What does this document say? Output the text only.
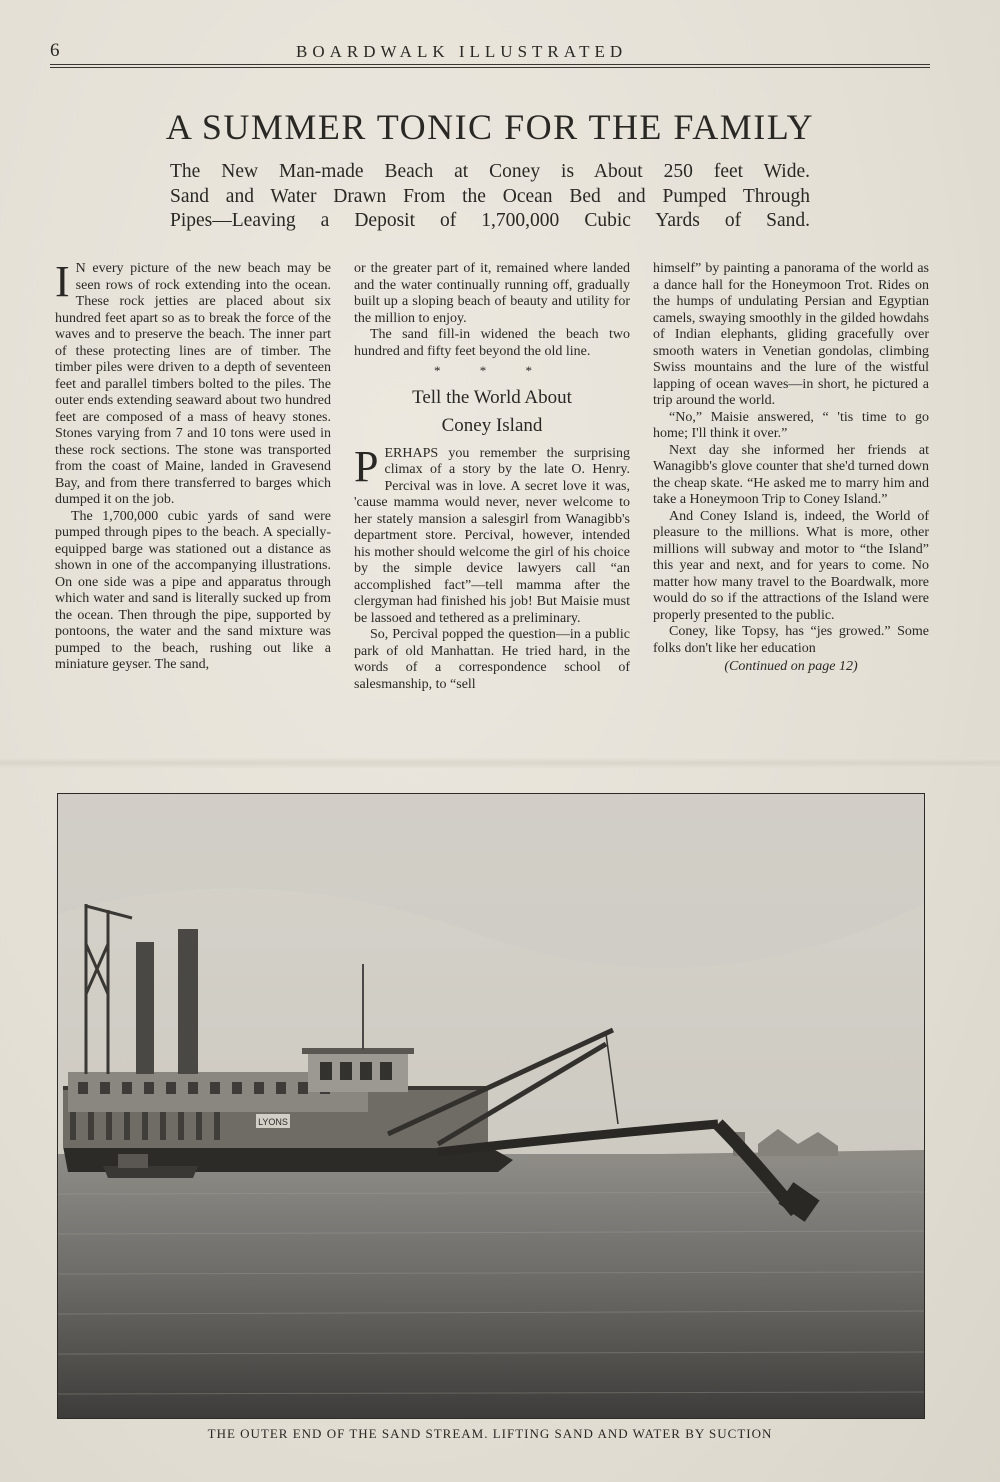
6	BOARDWALK ILLUSTRATED
A SUMMER TONIC FOR THE FAMILY
The New Man-made Beach at Coney is About 250 feet Wide.
Sand and Water Drawn From the Ocean Bed and Pumped Through
Pipes—Leaving a Deposit of 1,700,000 Cubic Yards of Sand.

I N every picture of the new beach may be seen rows of rock extending into the ocean. These rock jetties are placed about six hundred feet apart so as to break the force of the waves and to preserve the beach. The inner part of these protecting lines are of timber. The timber piles were driven to a depth of seventeen feet and parallel timbers bolted to the piles. The outer ends extending seaward about two hundred feet are composed of a mass of heavy stones. Stones varying from 7 and 10 tons were used in these rock sections. The stone was transported from the coast of Maine, landed in Gravesend Bay, and from there transferred to barges which dumped it on the job.

The 1,700,000 cubic yards of sand were pumped through pipes to the beach. A specially-equipped barge was stationed out a distance as shown in one of the accompanying illustrations. On one side was a pipe and apparatus through which water and sand is literally sucked up from the ocean. Then through the pipe, supported by pontoons, the water and the sand mixture was pumped to the beach, rushing out like a miniature geyser. The sand,

or the greater part of it, remained where landed and the water continually running off, gradually built up a sloping beach of beauty and utility for the million to enjoy.

The sand fill-in widened the beach two hundred and fifty feet beyond the old line.

* * *
Tell the World About
Coney Island

PERHAPS you remember the surprising climax of a story by the late O. Henry. Percival was in love. A secret love it was, 'cause mamma would never, never welcome to her stately mansion a salesgirl from Wanagibb's department store. Percival, however, intended his mother should welcome the girl of his choice by the simple device lawyers call “an accomplished fact”—tell mamma after the clergyman had finished his job! But Maisie must be lassoed and tethered as a preliminary.

So, Percival popped the question—in a public park of old Manhattan. He tried hard, in the words of a correspondence school of salesmanship, to “sell

himself” by painting a panorama of the world as a dance hall for the Honeymoon Trot. Rides on the humps of undulating Persian and Egyptian camels, swaying smoothly in the gilded howdahs of Indian elephants, gliding gracefully over smooth waters in Venetian gondolas, climbing Swiss mountains and the lure of the wistful lapping of ocean waves—in short, he pictured a trip around the world.

“No,” Maisie answered, “ 'tis time to go home; I'll think it over.”

Next day she informed her friends at Wanagibb's glove counter that she'd turned down the cheap skate. “He asked me to marry him and take a Honeymoon Trip to Coney Island.”

And Coney Island is, indeed, the World of pleasure to the millions. What is more, other millions will subway and motor to “the Island” this year and next, and for years to come. No matter how many travel to the Boardwalk, more would do so if the attractions of the Island were properly presented to the public.

Coney, like Topsy, has “jes growed.” Some folks don't like her education

(Continued on page 12)
LYONS
THE OUTER END OF THE SAND STREAM. LIFTING SAND AND WATER BY SUCTION
